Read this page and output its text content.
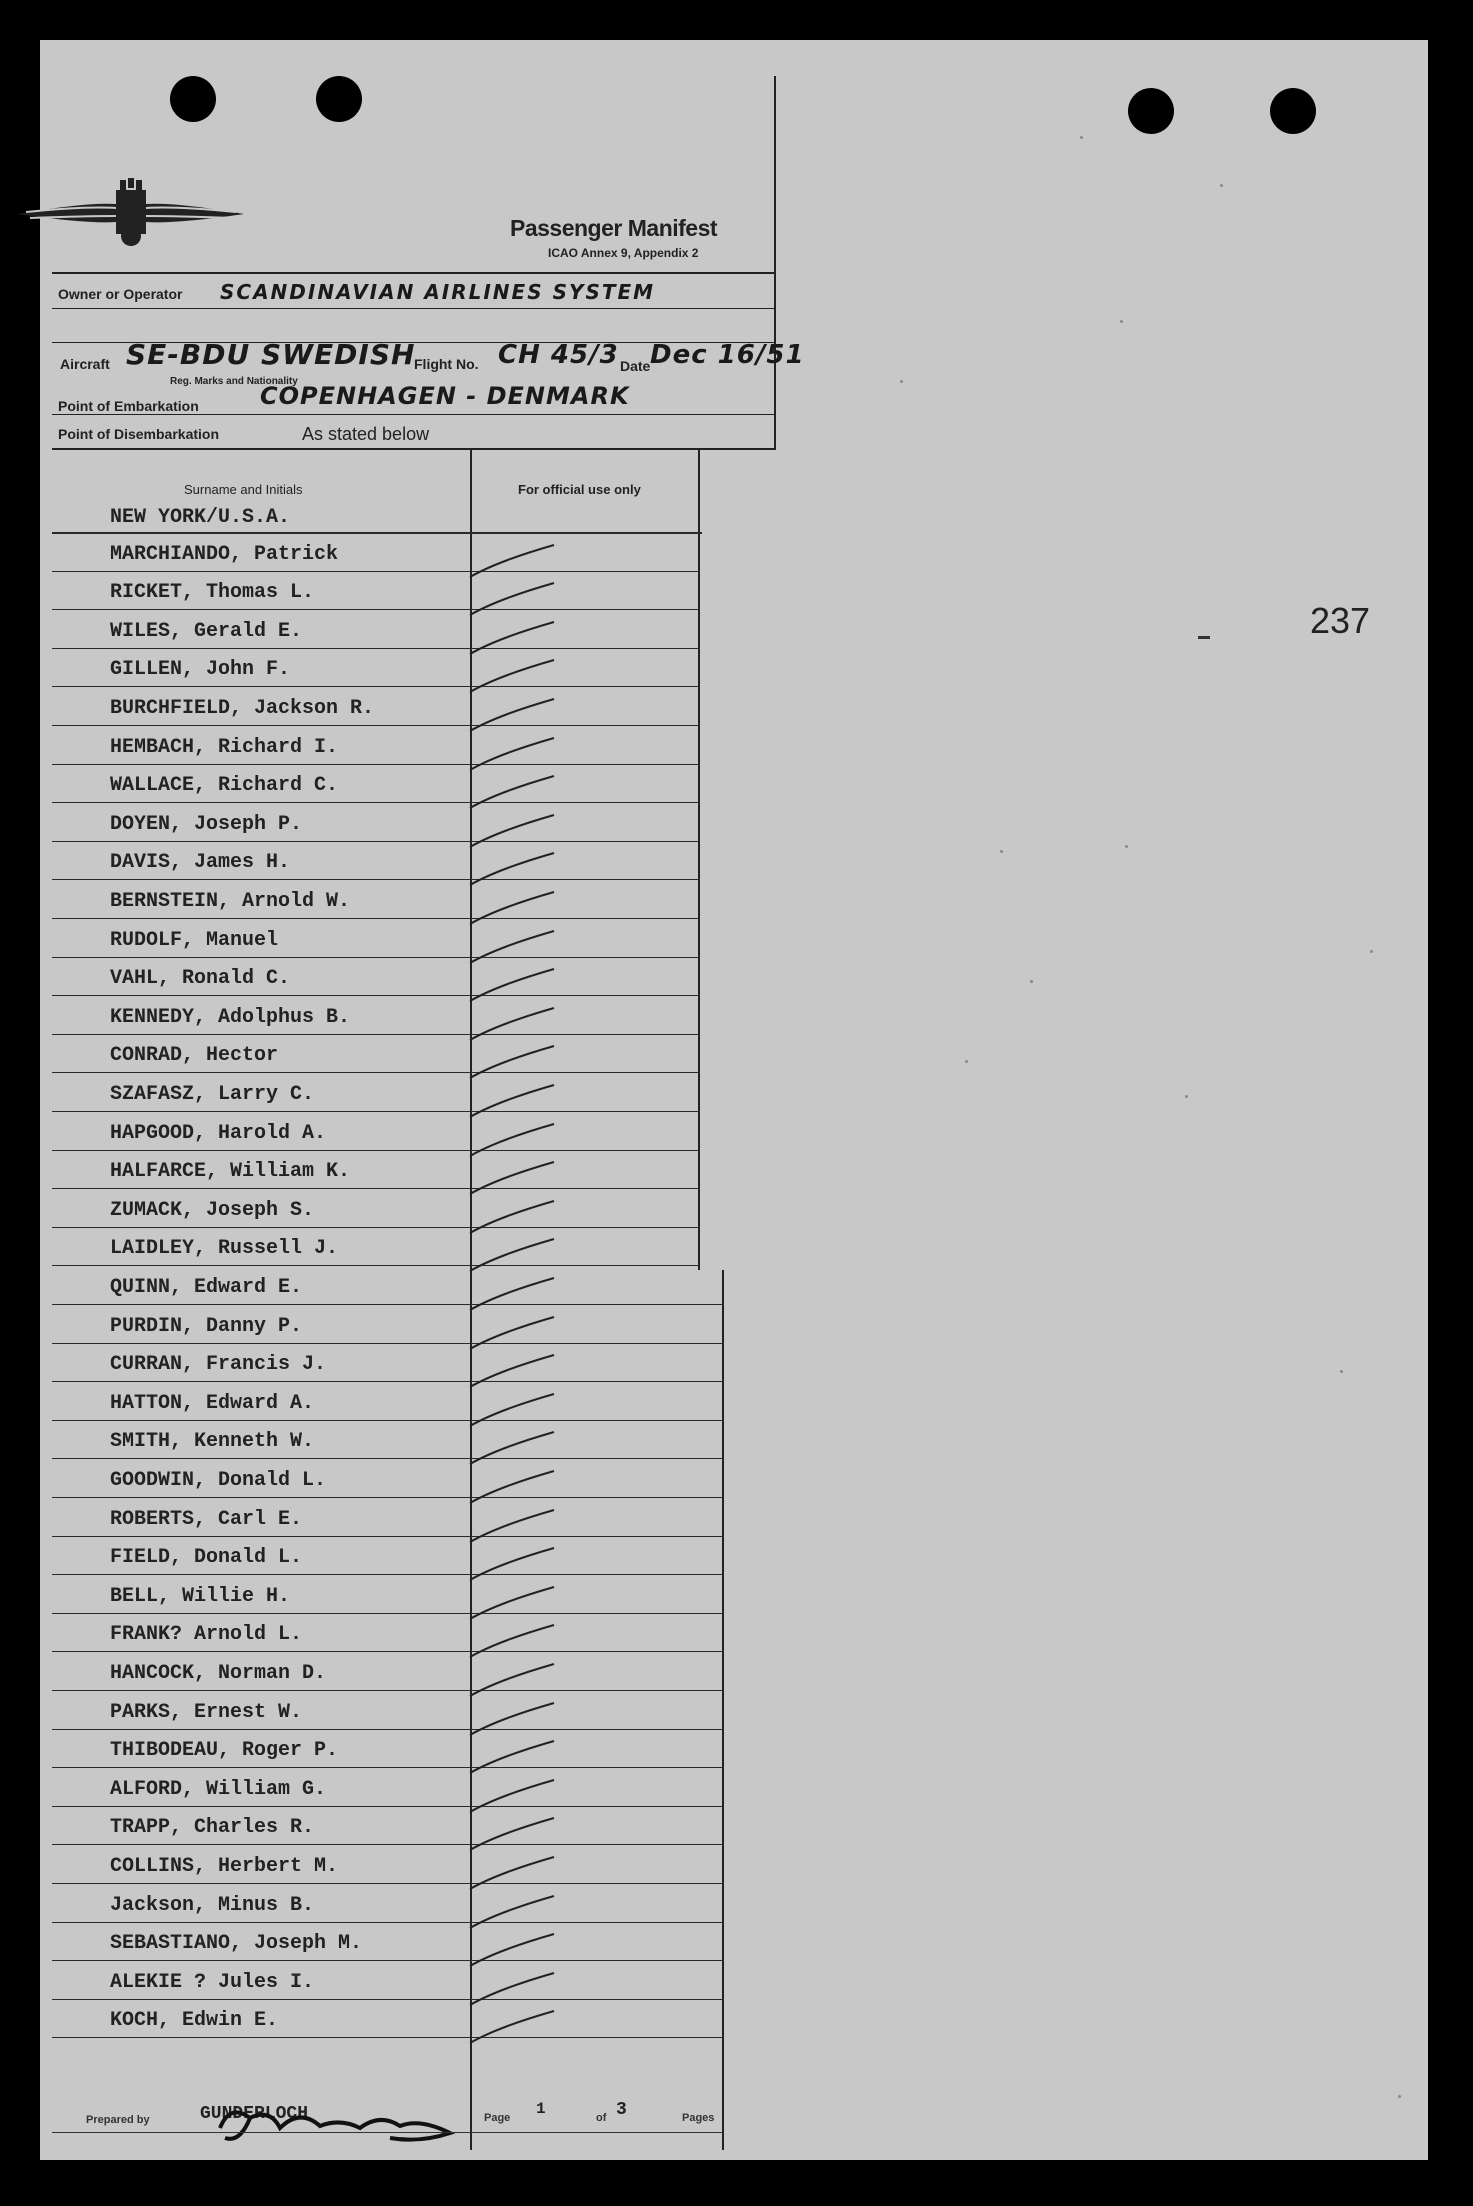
Passenger Manifest
ICAO Annex 9, Appendix 2
Owner or Operator SCANDINAVIAN AIRLINES SYSTEM
Aircraft SE-BDU SWEDISH
Reg. Marks and Nationality
Flight No. CH 45/3 Date Dec 16/51
Point of Embarkation	COPENHAGEN - DENMARK
Point of Disembarkation	As stated below
Surname and Initials	For official use only
NEW YORK/U.S.A.
MARCHIANDO, Patrick
RICKET, Thomas L.
WILES, Gerald E.
GILLEN, John F.
BURCHFIELD, Jackson R.
HEMBACH, Richard I.
WALLACE, Richard C.
DOYEN, Joseph P.
DAVIS, James H.
BERNSTEIN, Arnold W.
RUDOLF, Manuel
VAHL, Ronald C.
KENNEDY, Adolphus B.
CONRAD, Hector
SZAFASZ, Larry C.
HAPGOOD, Harold A.
HALFARCE, William K.
ZUMACK, Joseph S.
LAIDLEY, Russell J.
QUINN, Edward E.
PURDIN, Danny P.
CURRAN, Francis J.
HATTON, Edward A.
SMITH, Kenneth W.
GOODWIN, Donald L.
ROBERTS, Carl E.
FIELD, Donald L.
BELL, Willie H.
FRANK? Arnold L.
HANCOCK, Norman D.
PARKS, Ernest W.
THIBODEAU, Roger P.
ALFORD, William G.
TRAPP, Charles R.
COLLINS, Herbert M.
Jackson, Minus B.
SEBASTIANO, Joseph M.
ALEKIE ? Jules I.
KOCH, Edwin E.
237
Prepared by	GUNDERLOCH	Page 1	of 3	Pages
